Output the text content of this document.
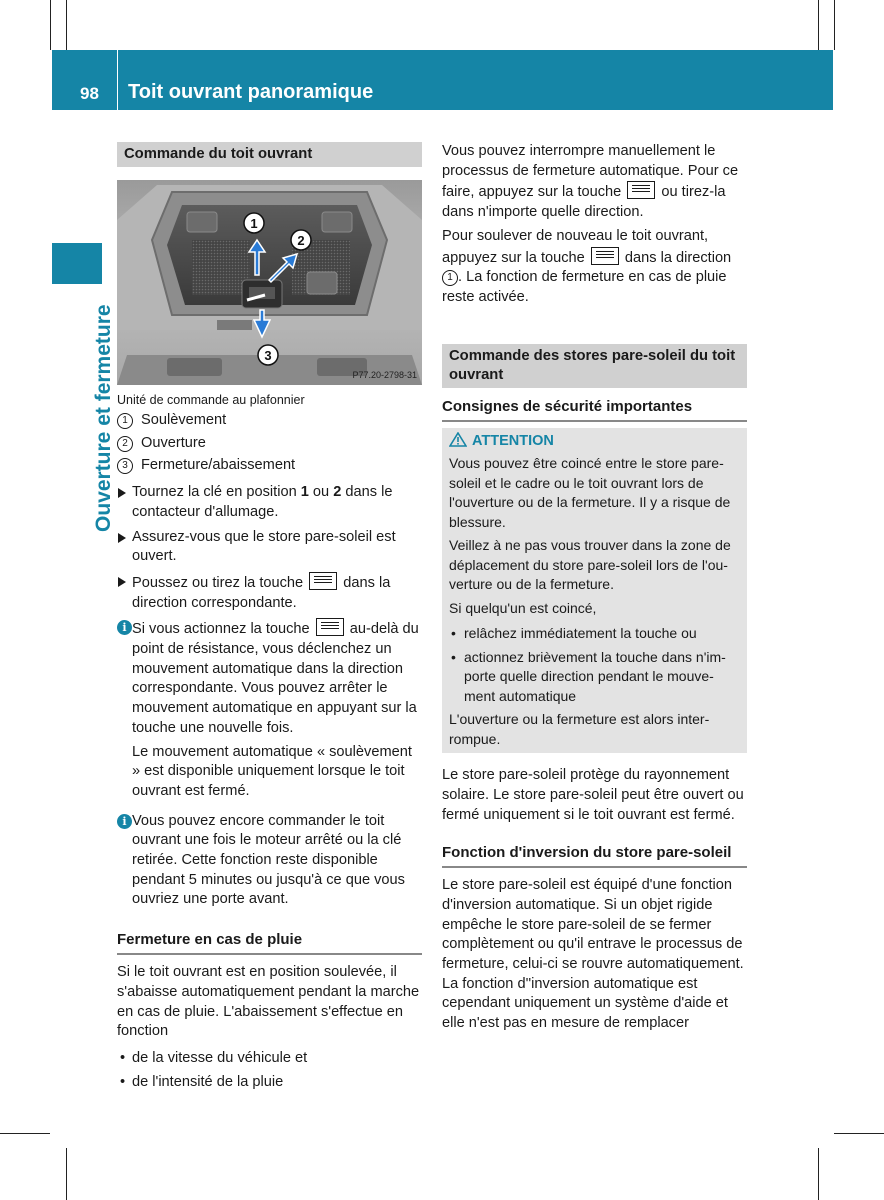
98 Toit ouvrant panoramique
Ouverture et fermeture
Commande du toit ouvrant
1
2
3
P77.20-2798-31

Unité de commande au plafonnier

1 Soulèvement
2 Ouverture
3 Fermeture/abaissement
Tournez la clé en position 1 ou 2 dans le contacteur d'allumage.
Assurez-vous que le store pare-soleil est ouvert.
Poussez ou tirez la touche  dans la direction correspondante.
i Si vous actionnez la touche  au-delà du point de résistance, vous déclenchez un mouvement automatique dans la direction correspondante. Vous pouvez arrêter le mouvement automatique en appuyant sur la touche une nouvelle fois.

Le mouvement automatique « soulèvement » est disponible uniquement lorsque le toit ouvrant est fermé.

i Vous pouvez encore commander le toit ouvrant une fois le moteur arrêté ou la clé retirée. Cette fonction reste disponible pendant 5 minutes ou jusqu'à ce que vous ouvriez une porte avant.

Fermeture en cas de pluie

Si le toit ouvrant est en position soulevée, il s'abaisse automatiquement pendant la marche en cas de pluie. L'abaissement s'effectue en fonction

• de la vitesse du véhicule et
• de l'intensité de la pluie

Vous pouvez interrompre manuellement le processus de fermeture automatique. Pour ce faire, appuyez sur la touche  ou tirez-la dans n'importe quelle direction.

Pour soulever de nouveau le toit ouvrant, appuyez sur la touche  dans la direction 1 . La fonction de fermeture en cas de pluie reste activée.

Commande des stores pare-soleil du toit ouvrant
Consignes de sécurité importantes
ATTENTION

Vous pouvez être coincé entre le store paresoleil et le cadre ou le toit ouvrant lors de l'ouverture ou de la fermeture. Il y a risque de blessure.

Veillez à ne pas vous trouver dans la zone de déplacement du store pare-soleil lors de l'ouverture ou de la fermeture.

Si quelqu'un est coincé,

• relâchez immédiatement la touche ou
• actionnez brièvement la touche dans n'importe quelle direction pendant le mouvement automatique

L'ouverture ou la fermeture est alors interrompue.

Le store pare-soleil protège du rayonnement solaire. Le store pare-soleil peut être ouvert ou fermé uniquement si le toit ouvrant est fermé.

Fonction d'inversion du store pare-soleil

Le store pare-soleil est équipé d'une fonction d'inversion automatique. Si un objet rigide empêche le store pare-soleil de se fermer complètement ou qu'il entrave le processus de fermeture, celui-ci se rouvre automatiquement. La fonction d''inversion automatique est cependant uniquement un système d'aide et elle n'est pas en mesure de remplacer
